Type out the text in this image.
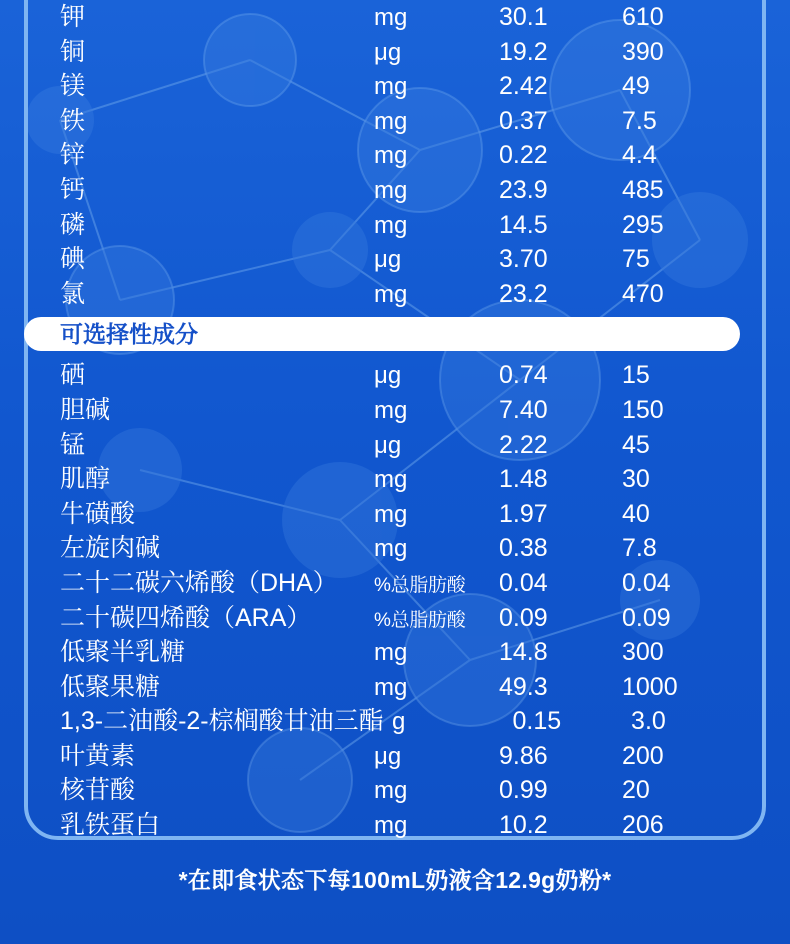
钾	mg	30.1	610
铜	μg	19.2	390
镁	mg	2.42	49
铁	mg	0.37	7.5
锌	mg	0.22	4.4
钙	mg	23.9	485
磷	mg	14.5	295
碘	μg	3.70	75
氯	mg	23.2	470
可选择性成分
硒	μg	0.74	15
胆碱	mg	7.40	150
锰	μg	2.22	45
肌醇	mg	1.48	30
牛磺酸	mg	1.97	40
左旋肉碱	mg	0.38	7.8
二十二碳六烯酸（DHA）	%总脂肪酸	0.04	0.04
二十碳四烯酸（ARA）	%总脂肪酸	0.09	0.09
低聚半乳糖	mg	14.8	300
低聚果糖	mg	49.3	1000
1,3-二油酸-2-棕榈酸甘油三酯 g	0.15	3.0
叶黄素	μg	9.86	200
核苷酸	mg	0.99	20
乳铁蛋白	mg	10.2	206
*在即食状态下每100mL奶液含12.9g奶粉*
